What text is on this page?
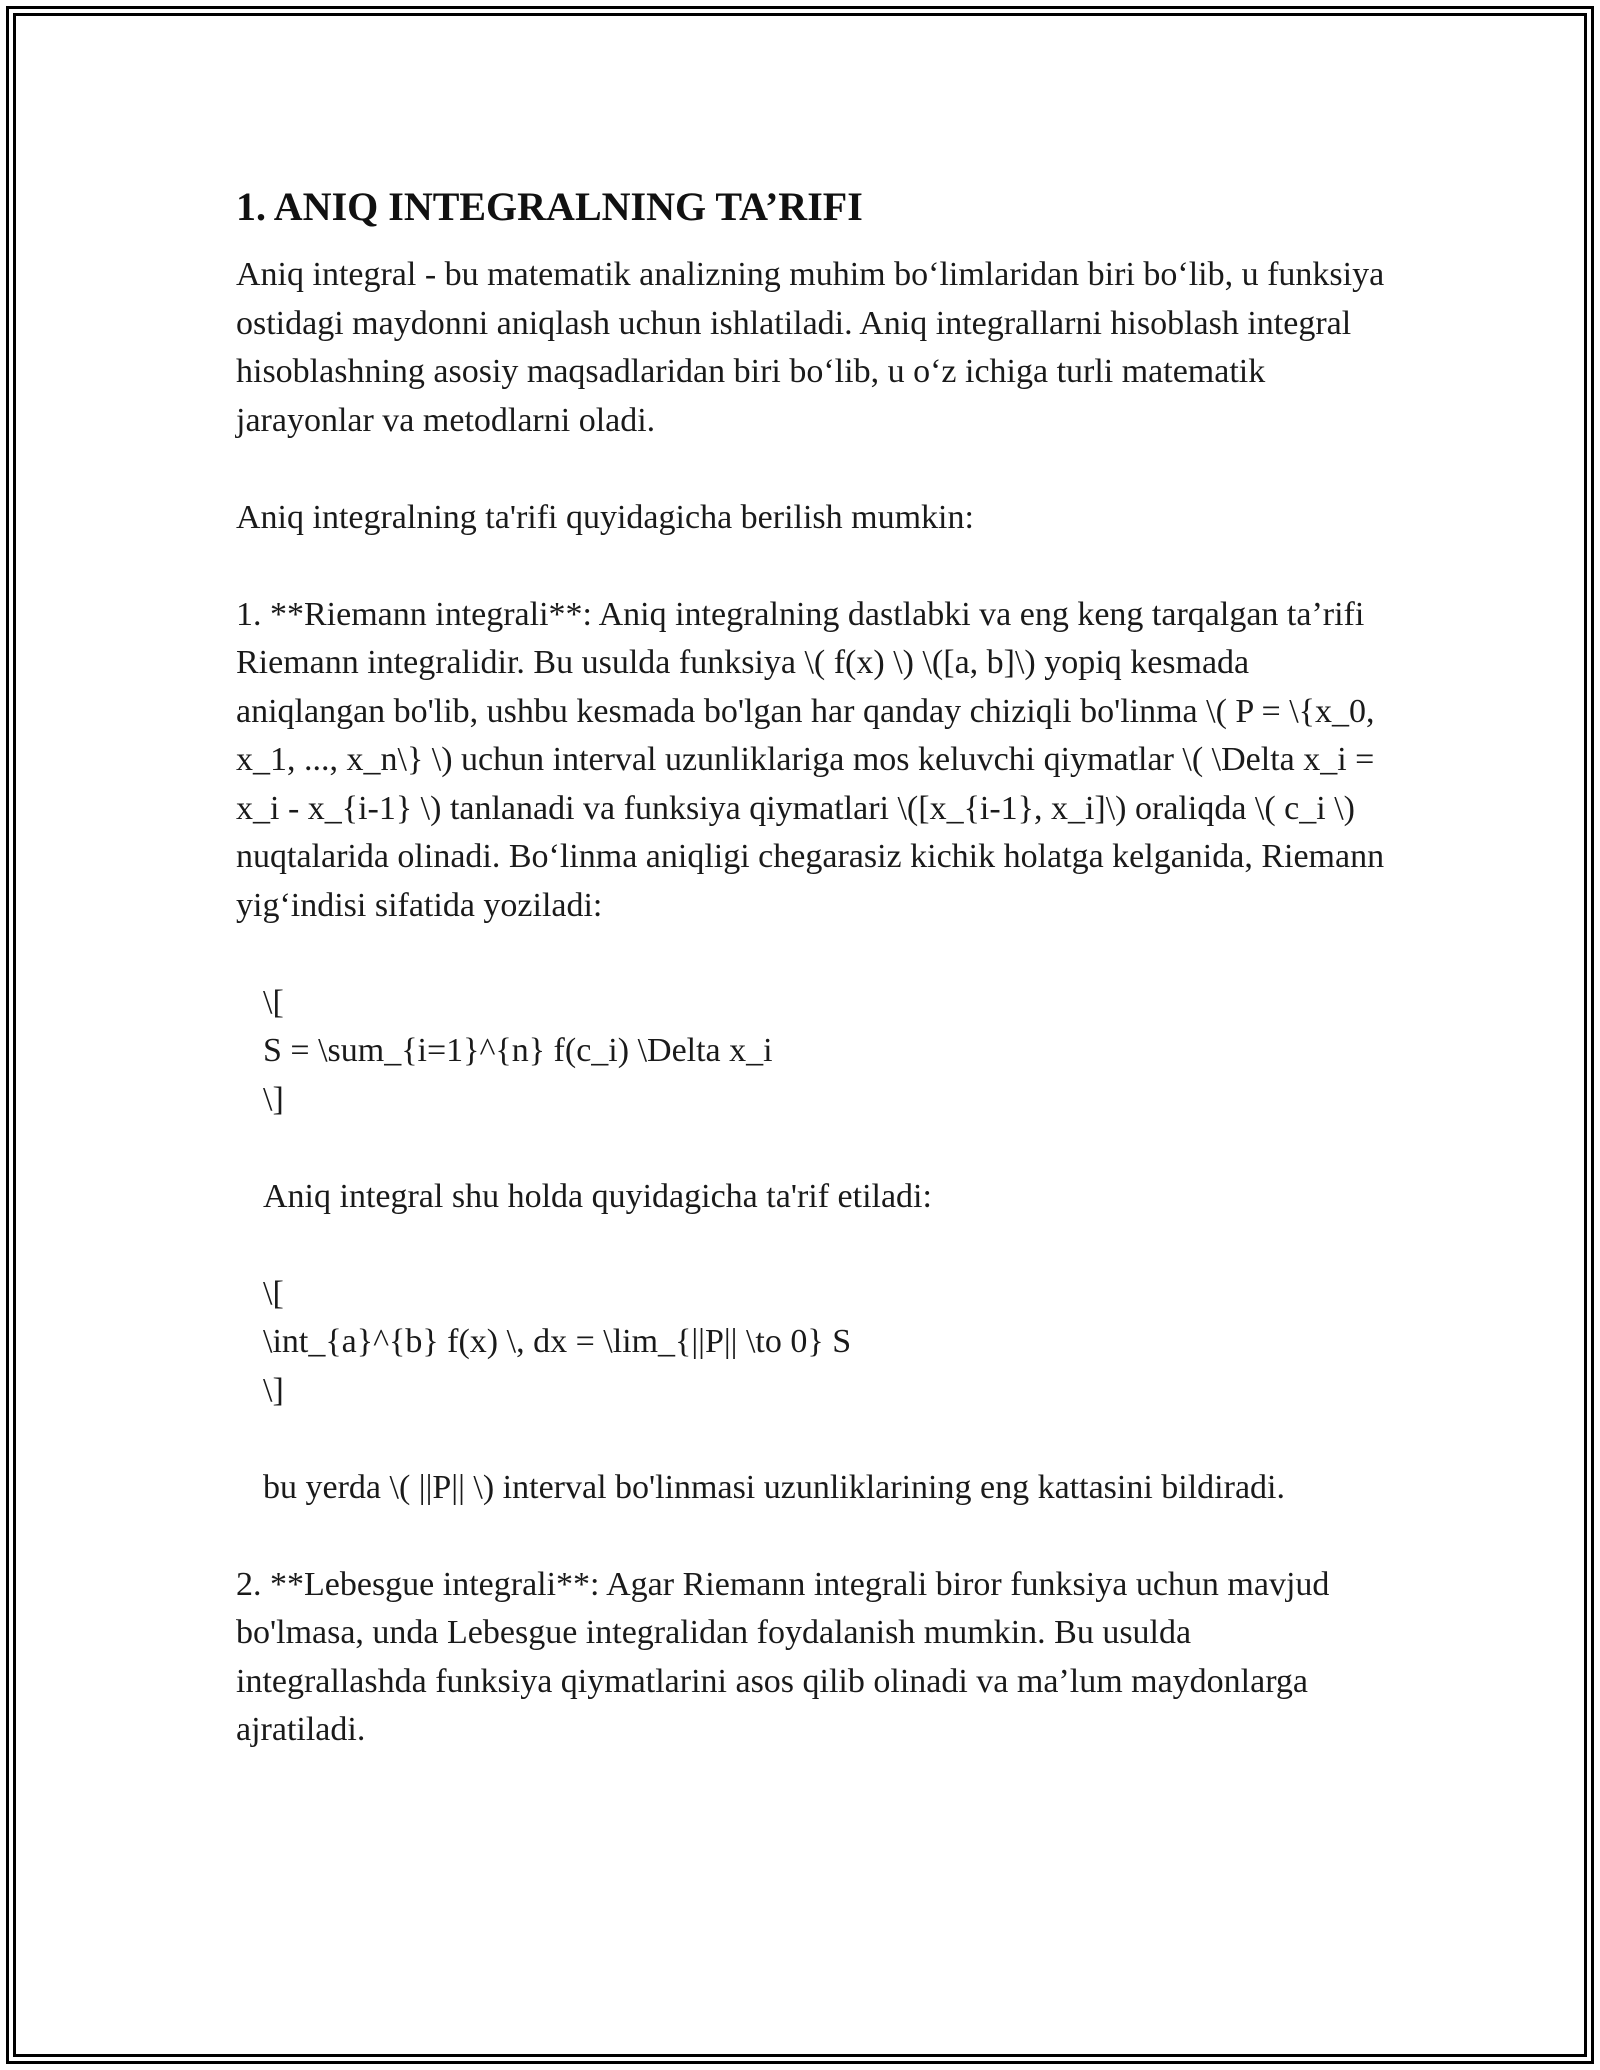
1. ANIQ INTEGRALNING TA’RIFI

Aniq integral - bu matematik analizning muhim bo‘limlaridan biri bo‘lib, u funksiya ostidagi maydonni aniqlash uchun ishlatiladi. Aniq integrallarni hisoblash integral hisoblashning asosiy maqsadlaridan biri bo‘lib, u o‘z ichiga turli matematik jarayonlar va metodlarni oladi.

Aniq integralning ta'rifi quyidagicha berilish mumkin:

1. **Riemann integrali**: Aniq integralning dastlabki va eng keng tarqalgan ta’rifi Riemann integralidir. Bu usulda funksiya \( f(x) \) \([a, b]\) yopiq kesmada aniqlangan bo'lib, ushbu kesmada bo'lgan har qanday chiziqli bo'linma \( P = \{x_0, x_1, ..., x_n\} \) uchun interval uzunliklariga mos keluvchi qiymatlar \( \Delta x_i = x_i - x_{i-1} \) tanlanadi va funksiya qiymatlari \([x_{i-1}, x_i]\) oraliqda \( c_i \) nuqtalarida olinadi. Bo‘linma aniqligi chegarasiz kichik holatga kelganida, Riemann yig‘indisi sifatida yoziladi:

\[

S = \sum_{i=1}^{n} f(c_i) \Delta x_i

\]

Aniq integral shu holda quyidagicha ta'rif etiladi:

\[

\int_{a}^{b} f(x) \, dx = \lim_{||P|| \to 0} S

\]

bu yerda \( ||P|| \) interval bo'linmasi uzunliklarining eng kattasini bildiradi.

2. **Lebesgue integrali**: Agar Riemann integrali biror funksiya uchun mavjud bo'lmasa, unda Lebesgue integralidan foydalanish mumkin. Bu usulda integrallashda funksiya qiymatlarini asos qilib olinadi va ma’lum maydonlarga ajratiladi.
